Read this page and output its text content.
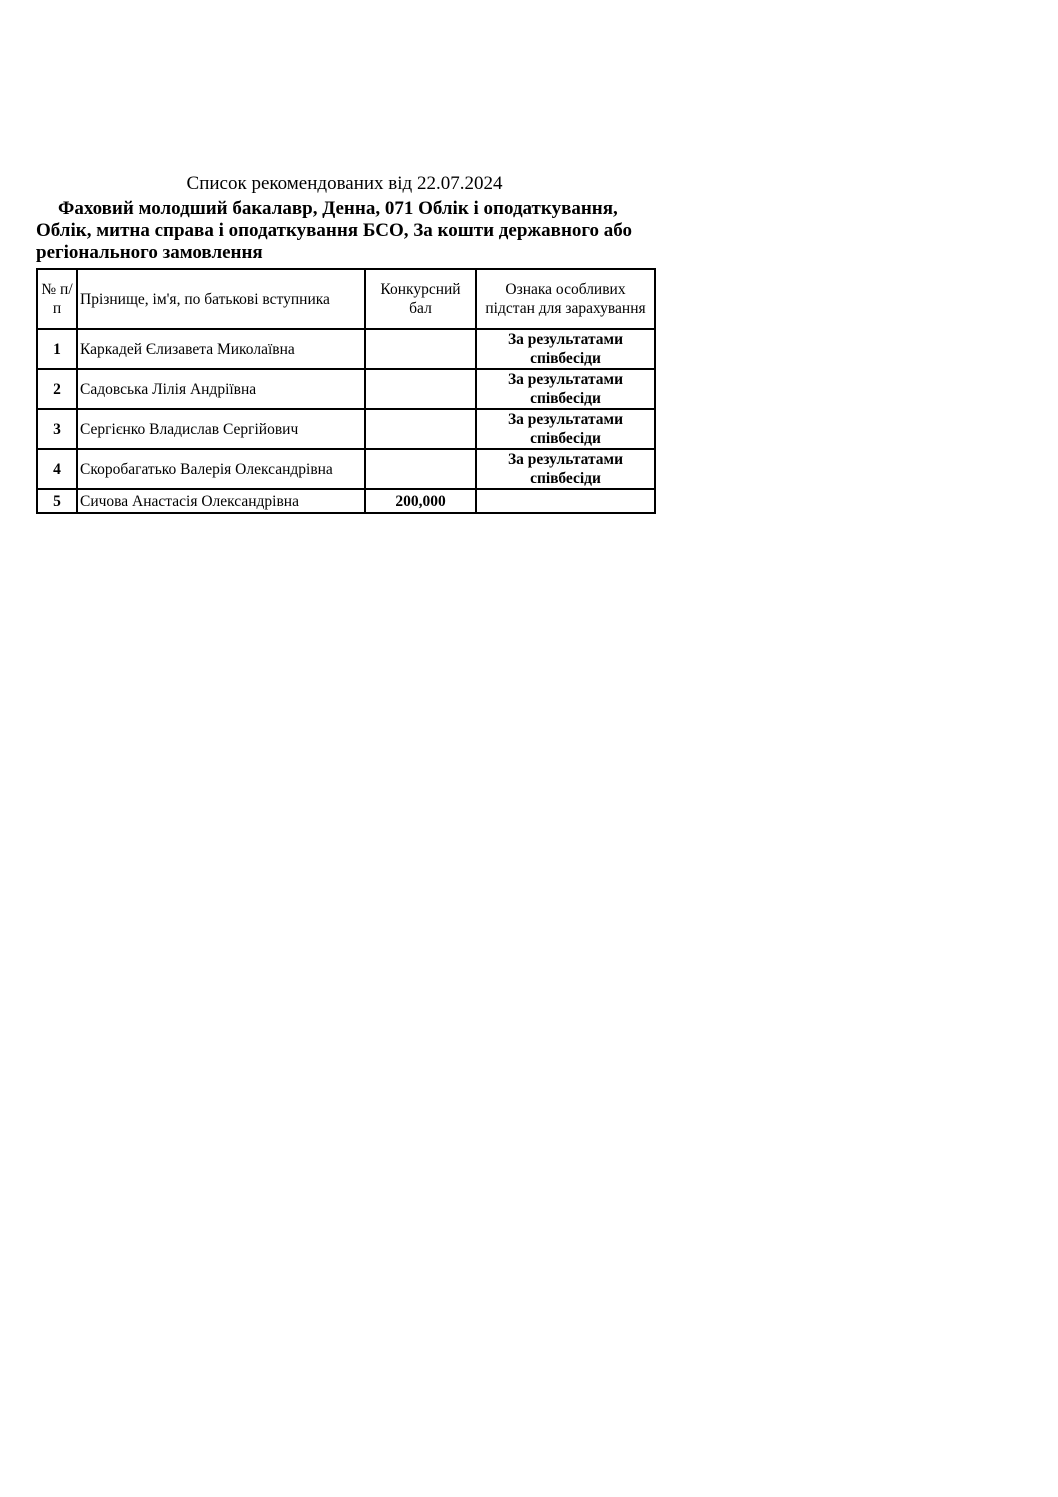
Список рекомендованих від 22.07.2024
Фаховий молодший бакалавр, Денна, 071 Облік і оподаткування, Облік, митна справа і оподаткування БСО, За кошти державного або регіонального замовлення
№ п/п	Прізнище, ім'я, по батькові вступника	Конкурсний бал	Ознака особливих підстан для зарахування
1	Каркадей Єлизавета Миколаївна		За результатами співбесіди
2	Садовська Лілія Андріївна		За результатами співбесіди
3	Сергієнко Владислав Сергійович		За результатами співбесіди
4	Скоробагатько Валерія Олександрівна		За результатами співбесіди
5	Сичова Анастасія Олександрівна	200,000	
